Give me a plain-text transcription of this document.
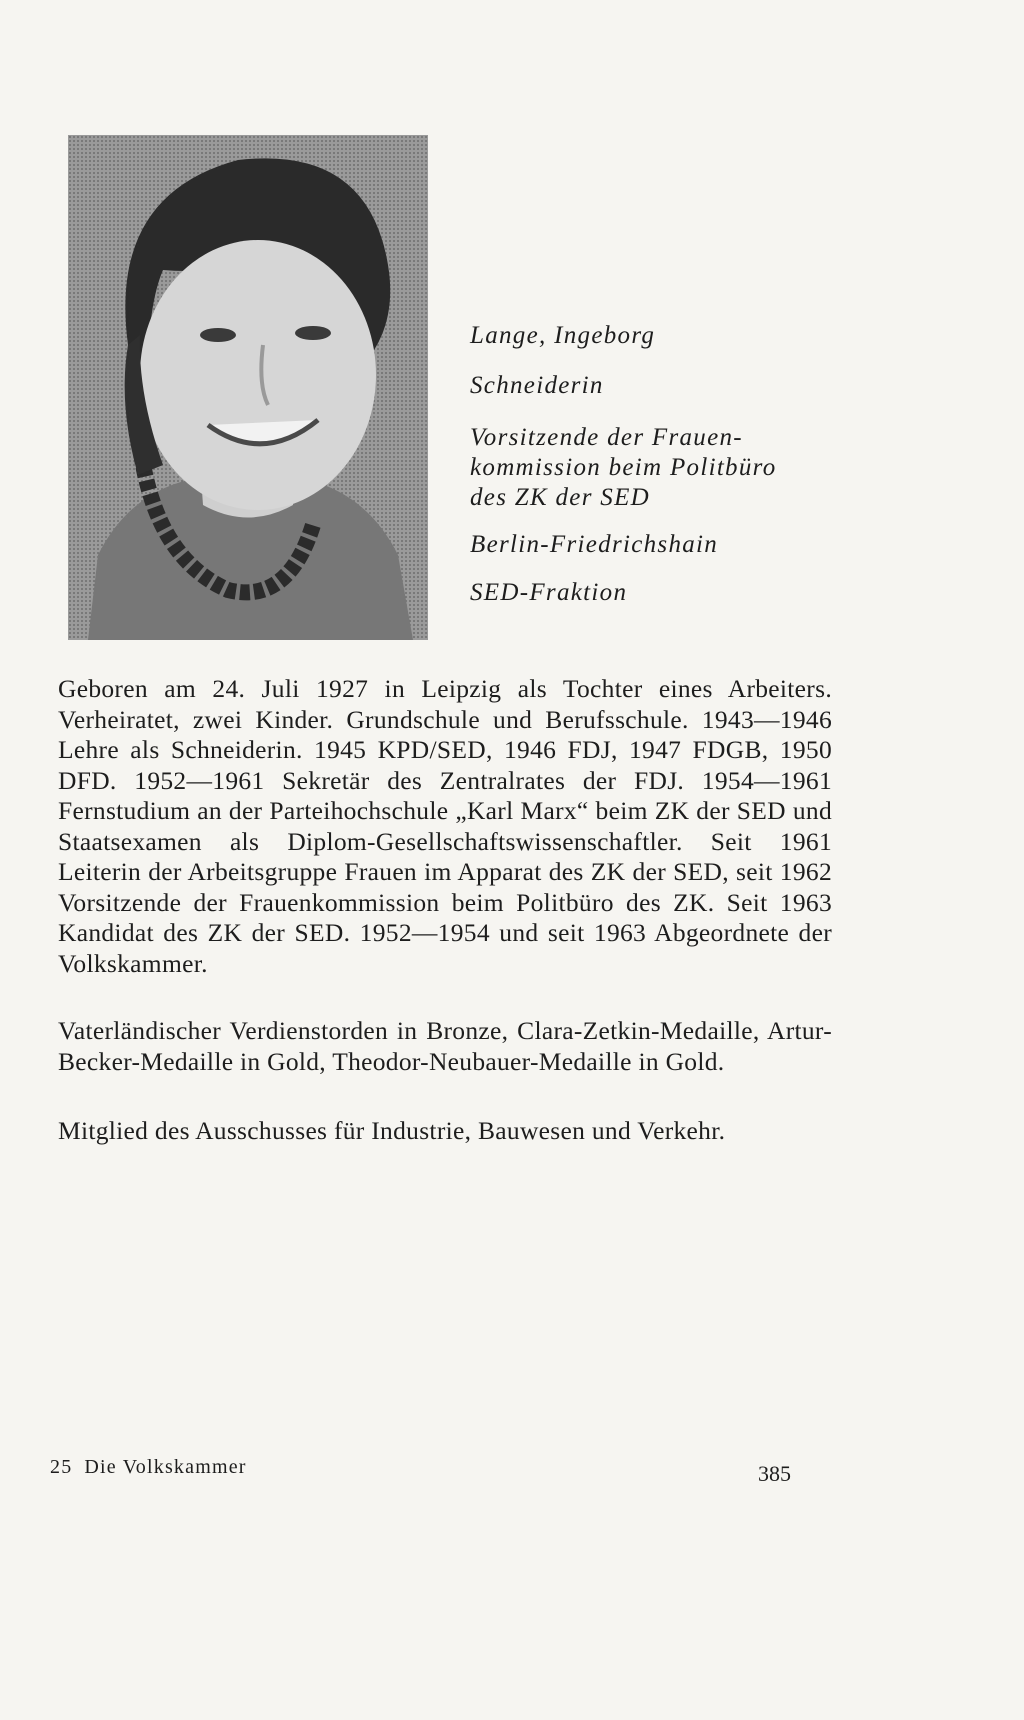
Lange, Ingeborg
Schneiderin
Vorsitzende der Frauen-
kommission beim Politbüro
des ZK der SED
Berlin-Friedrichshain
SED-Fraktion

Geboren am 24. Juli 1927 in Leipzig als Tochter eines Arbeiters. Verheiratet, zwei Kinder. Grundschule und Berufsschule. 1943—1946 Lehre als Schneiderin. 1945 KPD/SED, 1946 FDJ, 1947 FDGB, 1950 DFD. 1952—1961 Sekretär des Zentralrates der FDJ. 1954—1961 Fernstudium an der Parteihochschule „Karl Marx“ beim ZK der SED und Staatsexamen als Diplom-Gesellschaftswissenschaftler. Seit 1961 Leiterin der Arbeitsgruppe Frauen im Apparat des ZK der SED, seit 1962 Vorsitzende der Frauenkommission beim Politbüro des ZK. Seit 1963 Kandidat des ZK der SED. 1952—1954 und seit 1963 Abgeordnete der Volkskammer.

Vaterländischer Verdienstorden in Bronze, Clara-Zetkin-Medaille, Artur-Becker-Medaille in Gold, Theodor-Neubauer-Medaille in Gold.

Mitglied des Ausschusses für Industrie, Bauwesen und Verkehr.

25 Die Volkskammer	385
